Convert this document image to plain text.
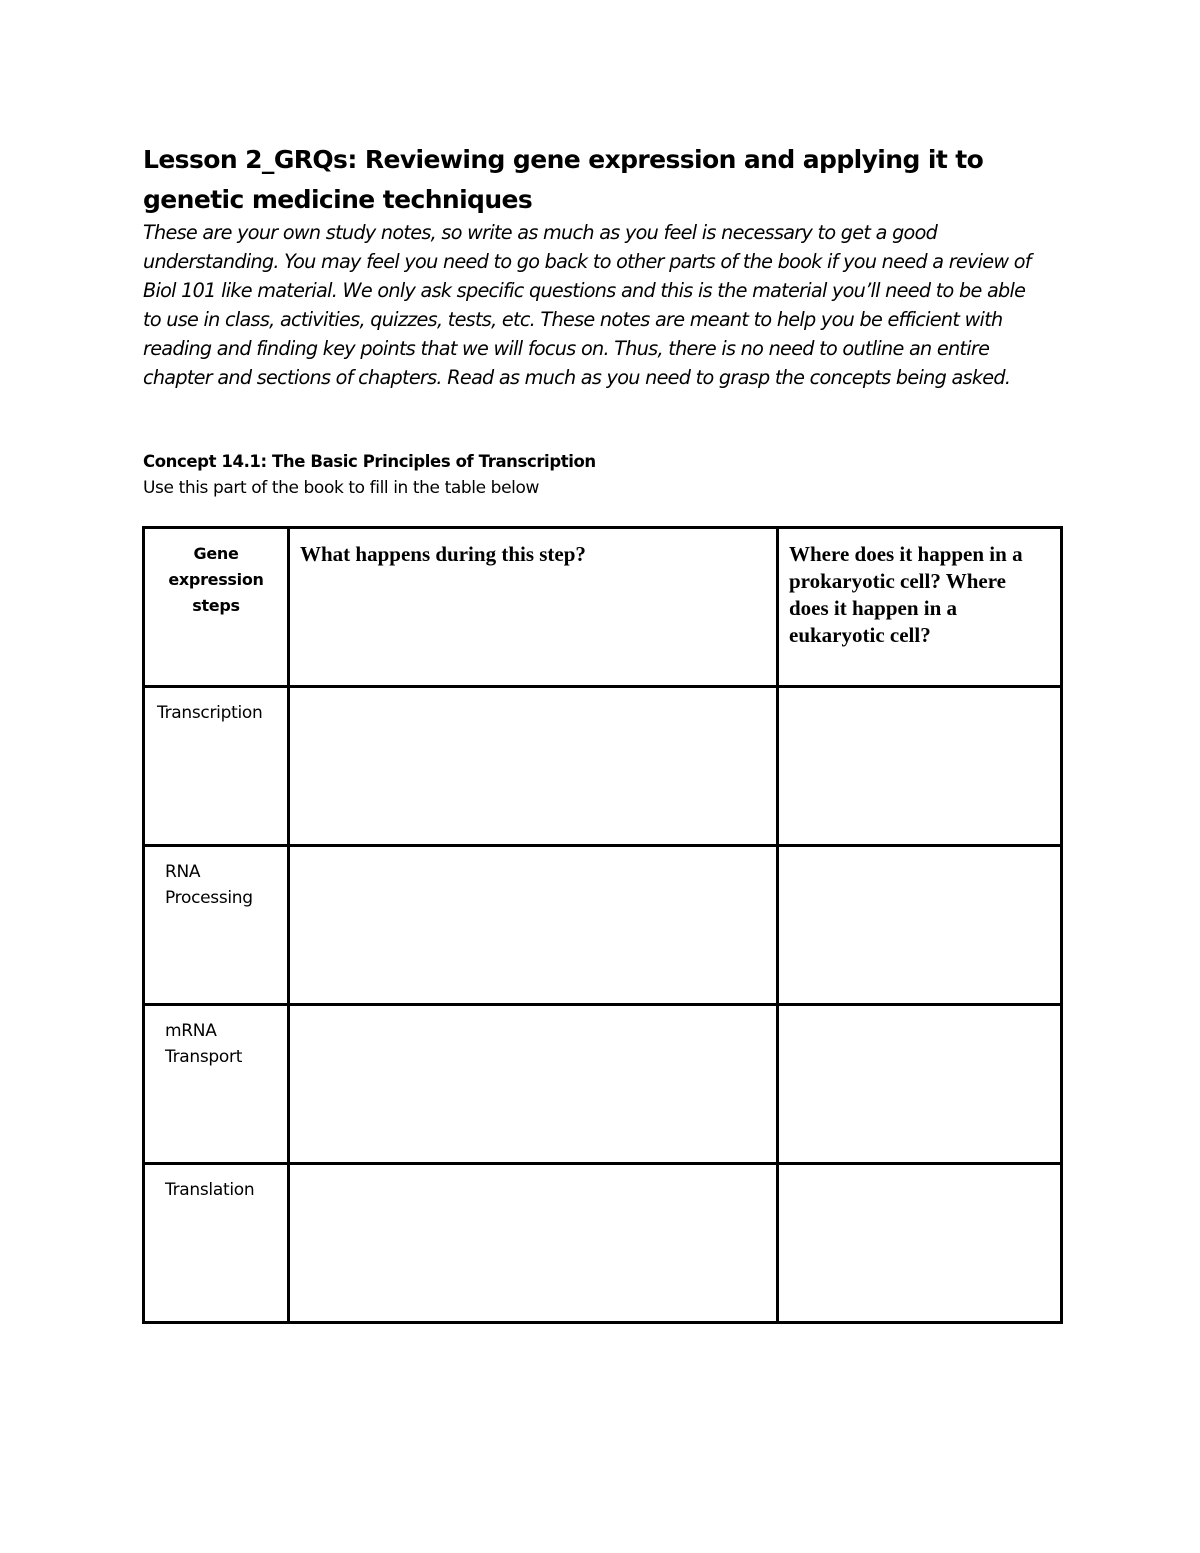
Lesson 2_GRQs: Reviewing gene expression and applying it to genetic medicine techniques

These are your own study notes, so write as much as you feel is necessary to get a good understanding. You may feel you need to go back to other parts of the book if you need a review of Biol 101 like material. We only ask specific questions and this is the material you’ll need to be able to use in class, activities, quizzes, tests, etc. These notes are meant to help you be efficient with reading and finding key points that we will focus on. Thus, there is no need to outline an entire chapter and sections of chapters. Read as much as you need to grasp the concepts being asked.

Concept 14.1: The Basic Principles of Transcription

Use this part of the book to fill in the table below

Gene expression steps	What happens during this step?	Where does it happen in a prokaryotic cell? Where does it happen in a eukaryotic cell?
Transcription		
RNA Processing		
mRNA Transport		
Translation		
